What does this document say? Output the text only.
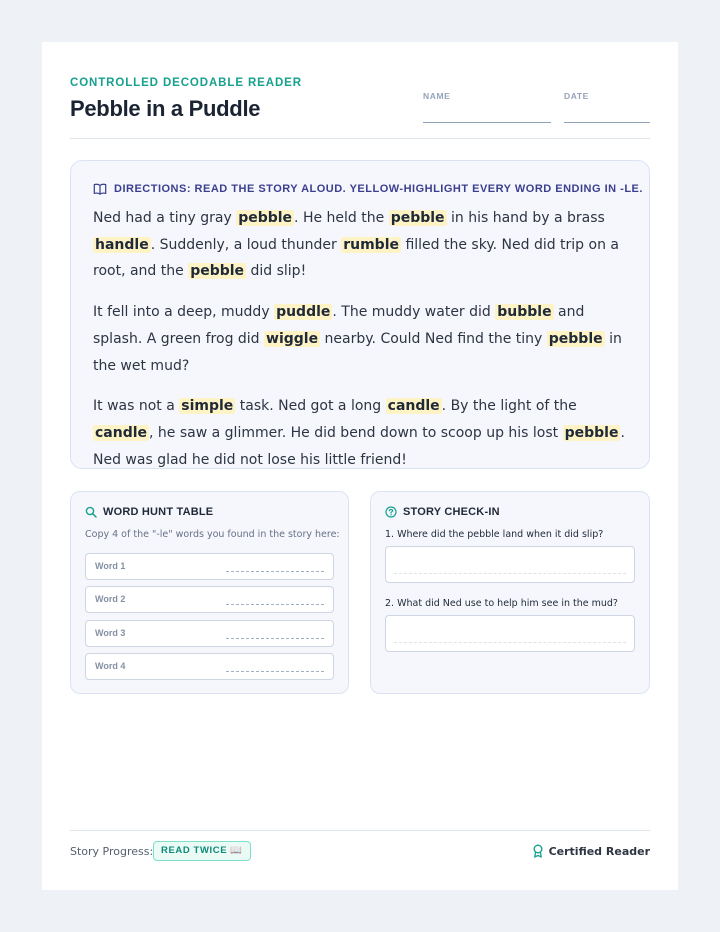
CONTROLLED DECODABLE READER
Pebble in a Puddle	NAME	DATE
DIRECTIONS: READ THE STORY ALOUD. YELLOW-HIGHLIGHT EVERY WORD ENDING IN -LE.

Ned had a tiny gray pebble . He held the pebble in his hand by a brass handle . Suddenly, a loud thunder rumble filled the sky. Ned did trip on a root, and the pebble did slip!

It fell into a deep, muddy puddle . The muddy water did bubble and splash. A green frog did wiggle nearby. Could Ned find the tiny pebble in the wet mud?

It was not a simple task. Ned got a long candle . By the light of the candle , he saw a glimmer. He did bend down to scoop up his lost pebble . Ned was glad he did not lose his little friend!

WORD HUNT TABLE
Copy 4 of the "-le" words you found in the story here:
Word 1
Word 2
Word 3
Word 4
STORY CHECK-IN
1. Where did the pebble land when it did slip?
2. What did Ned use to help him see in the mud?
Story Progress: READ TWICE 📖	Certified Reader
